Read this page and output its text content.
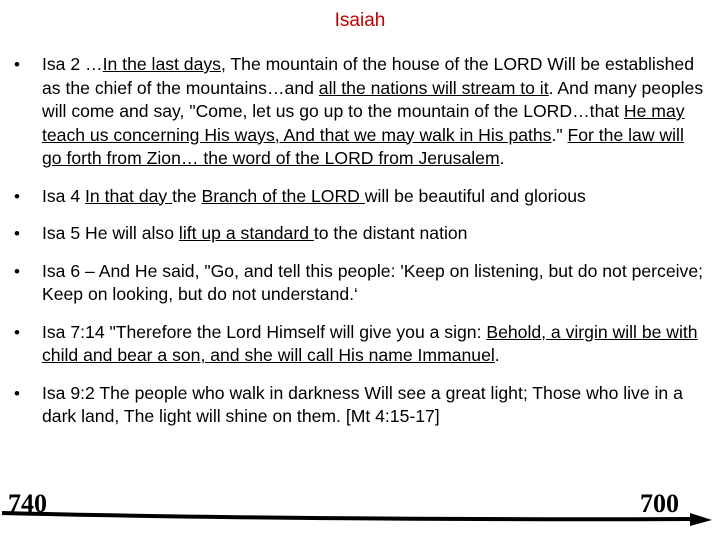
Isaiah
• Isa 2 …In the last days, The mountain of the house of the LORD Will be established as the chief of the mountains…and all the nations will stream to it. And many peoples will come and say, "Come, let us go up to the mountain of the LORD…that He may teach us concerning His ways, And that we may walk in His paths." For the law will go forth from Zion… the word of the LORD from Jerusalem.
• Isa 4 In that day the Branch of the LORD will be beautiful and glorious
• Isa 5 He will also lift up a standard to the distant nation
• Isa 6 – And He said, "Go, and tell this people: 'Keep on listening, but do not perceive; Keep on looking, but do not understand.‘
• Isa 7:14 "Therefore the Lord Himself will give you a sign: Behold, a virgin will be with child and bear a son, and she will call His name Immanuel.
• Isa 9:2 The people who walk in darkness Will see a great light; Those who live in a dark land, The light will shine on them. [Mt 4:15-17]
740	700
